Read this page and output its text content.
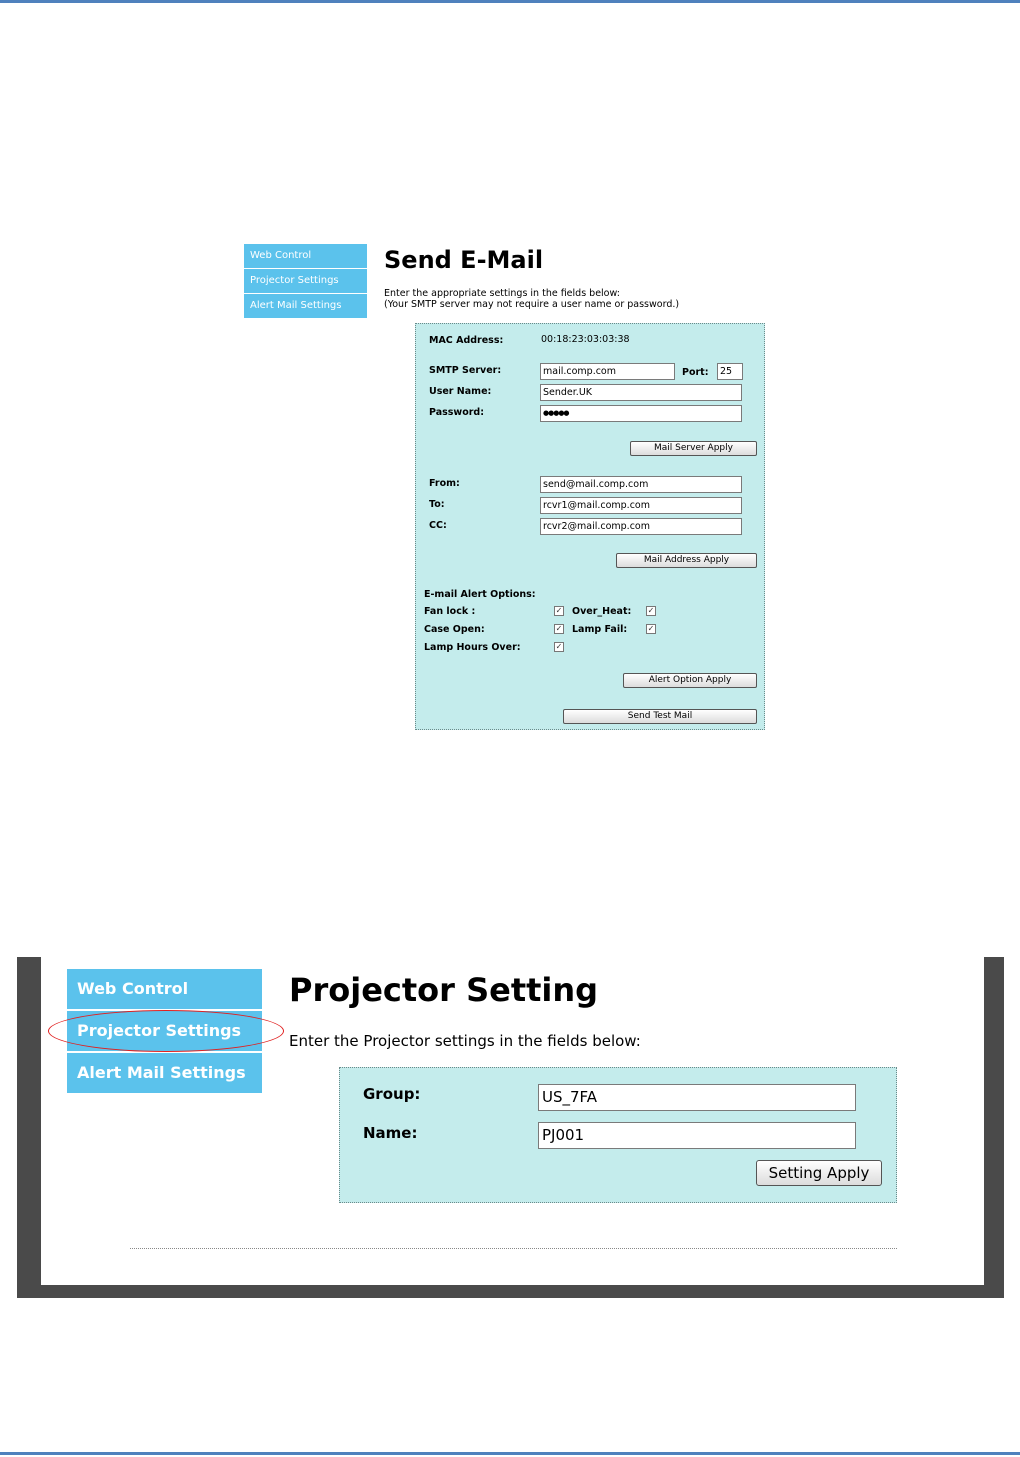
Web Control
Projector Settings
Alert Mail Settings
Send E-Mail
Enter the appropriate settings in the fields below:
(Your SMTP server may not require a user name or password.)
MAC Address:	00:18:23:03:03:38
SMTP Server:	mail.comp.com	Port:	25
User Name:	Sender.UK
Password:	●●●●●
Mail Server Apply
From:	send@mail.comp.com
To:	rcvr1@mail.comp.com
CC:	rcvr2@mail.comp.com
Mail Address Apply
E-mail Alert Options:
Fan lock :	✓ Over_Heat: ✓
Case Open:	✓ Lamp Fail:	✓
Lamp Hours Over:	✓
Alert Option Apply
Send Test Mail
Web Control
Projector Settings
Alert Mail Settings
Projector Setting
Enter the Projector settings in the fields below:
Group:	US_7FA
Name:	PJ001
Setting Apply
